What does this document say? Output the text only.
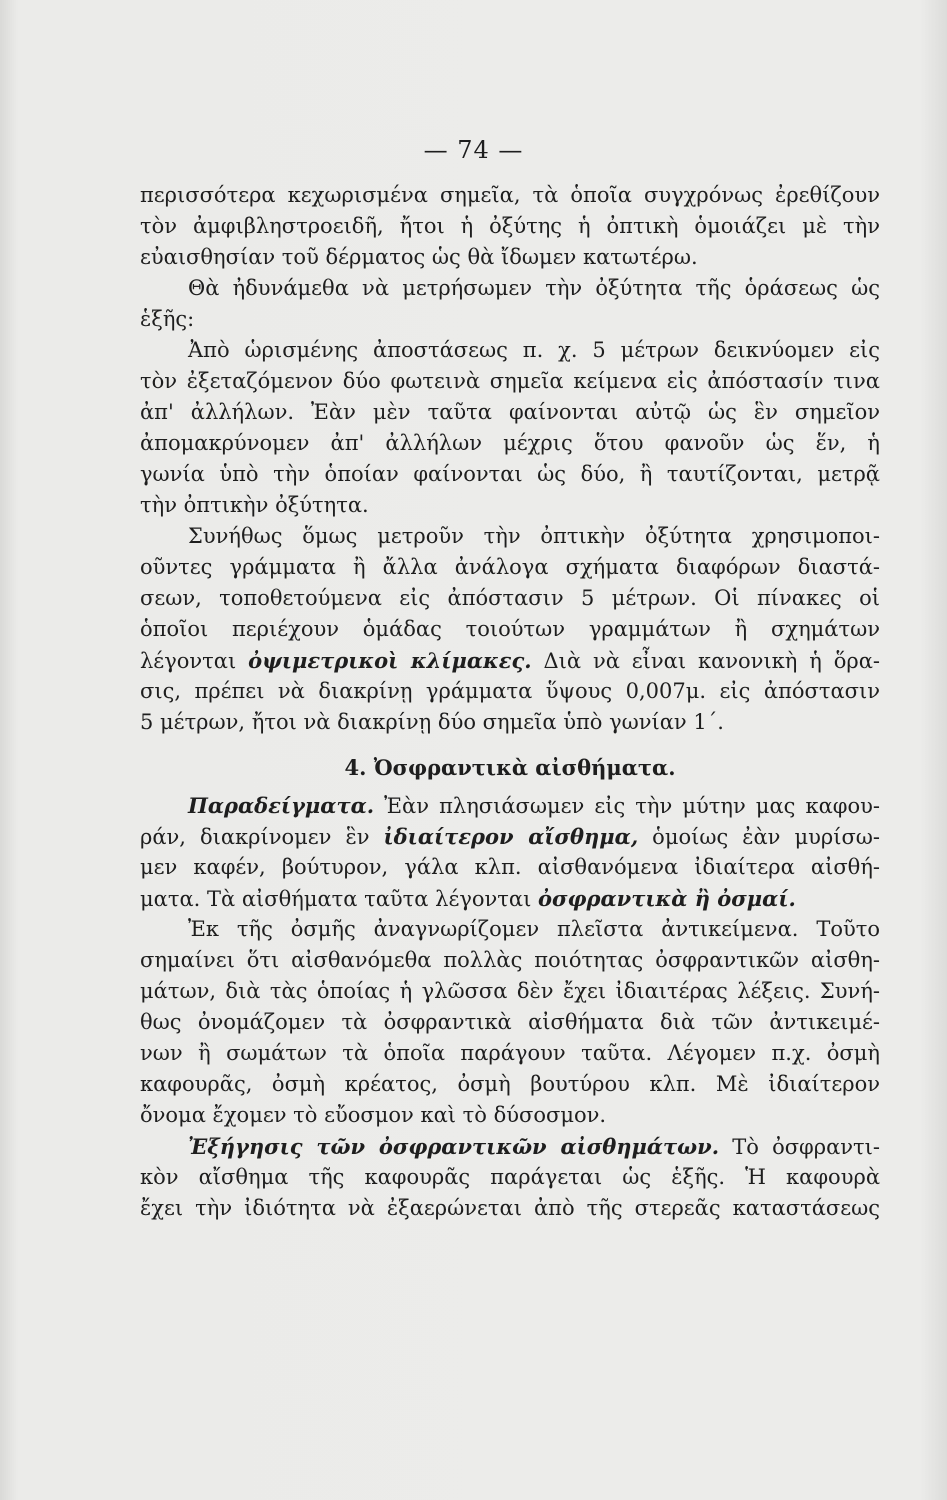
— 74 —
περισσότερα κεχωρισμένα σημεῖα, τὰ ὁποῖα συγχρόνως ἐρεθίζουν
τὸν ἀμφιβληστροειδῆ, ἤτοι ἡ ὀξύτης ἡ ὀπτικὴ ὁμοιάζει μὲ τὴν
εὐαισθησίαν τοῦ δέρματος ὡς θὰ ἴδωμεν κατωτέρω.
Θὰ ἠδυνάμεθα νὰ μετρήσωμεν τὴν ὀξύτητα τῆς ὁράσεως ὡς
ἑξῆς:
Ἀπὸ ὡρισμένης ἀποστάσεως π. χ. 5 μέτρων δεικνύομεν εἰς
τὸν ἐξεταζόμενον δύο φωτεινὰ σημεῖα κείμενα εἰς ἀπόστασίν τινα
ἀπ' ἀλλήλων. Ἐὰν μὲν ταῦτα φαίνονται αὐτῷ ὡς ἓν σημεῖον
ἀπομακρύνομεν ἀπ' ἀλλήλων μέχρις ὅτου φανοῦν ὡς ἕν, ἡ
γωνία ὑπὸ τὴν ὁποίαν φαίνονται ὡς δύο, ἢ ταυτίζονται, μετρᾷ
τὴν ὀπτικὴν ὀξύτητα.
Συνήθως ὅμως μετροῦν τὴν ὀπτικὴν ὀξύτητα χρησιμοποι-
οῦντες γράμματα ἢ ἄλλα ἀνάλογα σχήματα διαφόρων διαστά-
σεων, τοποθετούμενα εἰς ἀπόστασιν 5 μέτρων. Οἱ πίνακες οἱ
ὁποῖοι περιέχουν ὁμάδας τοιούτων γραμμάτων ἢ σχημάτων
λέγονται ὀψιμετρικοὶ κλίμακες. Διὰ νὰ εἶναι κανονικὴ ἡ ὅρα-
σις, πρέπει νὰ διακρίνῃ γράμματα ὕψους 0,007μ. εἰς ἀπόστασιν
5 μέτρων, ἤτοι νὰ διακρίνῃ δύο σημεῖα ὑπὸ γωνίαν 1΄.
4. Ὀσφραντικὰ αἰσθήματα.
Παραδείγματα. Ἐὰν πλησιάσωμεν εἰς τὴν μύτην μας καφου-
ράν, διακρίνομεν ἓν ἰδιαίτερον αἴσθημα, ὁμοίως ἐὰν μυρίσω-
μεν καφέν, βούτυρον, γάλα κλπ. αἰσθανόμενα ἰδιαίτερα αἰσθή-
ματα. Τὰ αἰσθήματα ταῦτα λέγονται ὀσφραντικὰ ἢ ὀσμαί.
Ἐκ τῆς ὀσμῆς ἀναγνωρίζομεν πλεῖστα ἀντικείμενα. Τοῦτο
σημαίνει ὅτι αἰσθανόμεθα πολλὰς ποιότητας ὀσφραντικῶν αἰσθη-
μάτων, διὰ τὰς ὁποίας ἡ γλῶσσα δὲν ἔχει ἰδιαιτέρας λέξεις. Συνή-
θως ὀνομάζομεν τὰ ὀσφραντικὰ αἰσθήματα διὰ τῶν ἀντικειμέ-
νων ἢ σωμάτων τὰ ὁποῖα παράγουν ταῦτα. Λέγομεν π.χ. ὀσμὴ
καφουρᾶς, ὀσμὴ κρέατος, ὀσμὴ βουτύρου κλπ. Μὲ ἰδιαίτερον
ὄνομα ἔχομεν τὸ εὔοσμον καὶ τὸ δύσοσμον.
Ἐξήγησις τῶν ὀσφραντικῶν αἰσθημάτων. Τὸ ὀσφραντι-
κὸν αἴσθημα τῆς καφουρᾶς παράγεται ὡς ἑξῆς. Ἡ καφουρὰ
ἔχει τὴν ἰδιότητα νὰ ἐξαερώνεται ἀπὸ τῆς στερεᾶς καταστάσεως
